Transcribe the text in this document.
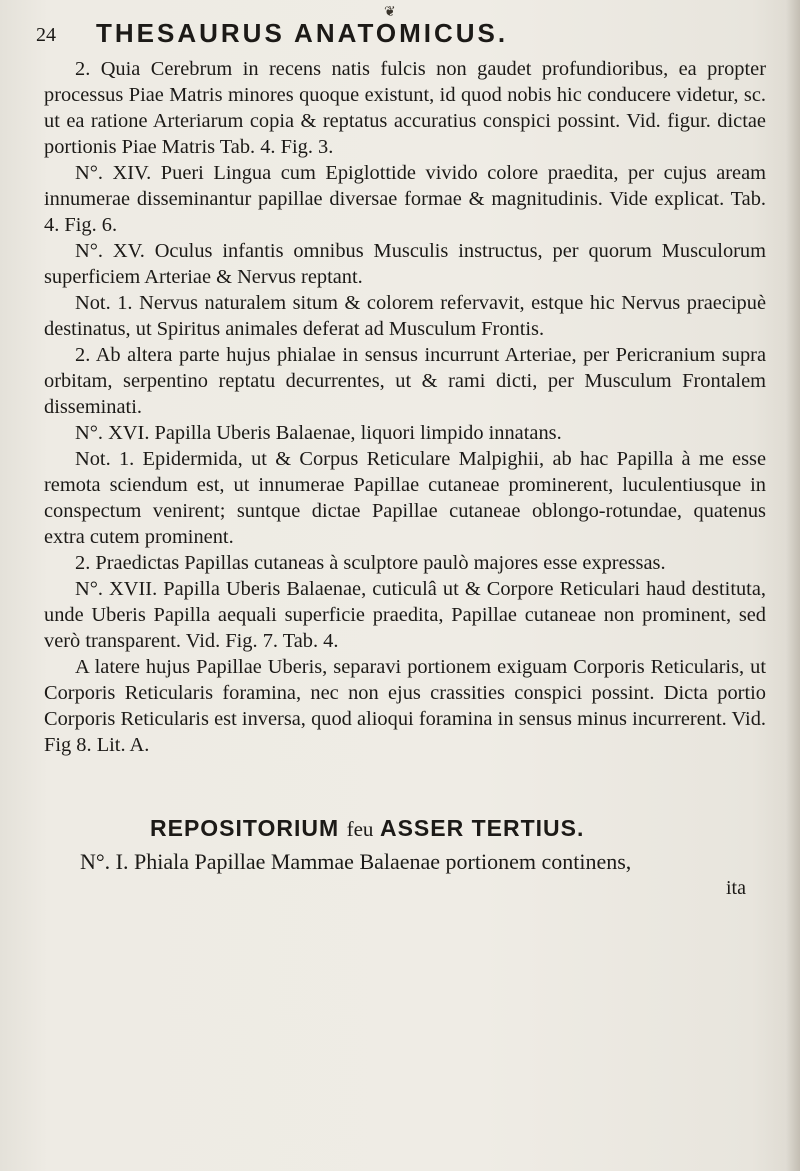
❦
24 THESAURUS ANATOMICUS.

2. Quia Cerebrum in recens natis fulcis non gaudet profundioribus, ea propter processus Piae Matris minores quoque existunt, id quod nobis hic conducere videtur, sc. ut ea ratione Arteriarum copia & reptatus accuratius conspici possint. Vid. figur. dictae portionis Piae Matris Tab. 4. Fig. 3.

N°. XIV. Pueri Lingua cum Epiglottide vivido colore praedita, per cujus aream innumerae disseminantur papillae diversae formae & magnitudinis. Vide explicat. Tab. 4. Fig. 6.

N°. XV. Oculus infantis omnibus Musculis instructus, per quorum Musculorum superficiem Arteriae & Nervus reptant.

Not. 1. Nervus naturalem situm & colorem refervavit, estque hic Nervus praecipuè destinatus, ut Spiritus animales deferat ad Musculum Frontis.

2. Ab altera parte hujus phialae in sensus incurrunt Arteriae, per Pericranium supra orbitam, serpentino reptatu decurrentes, ut & rami dicti, per Musculum Frontalem disseminati.

N°. XVI. Papilla Uberis Balaenae, liquori limpido innatans.

Not. 1. Epidermida, ut & Corpus Reticulare Malpighii, ab hac Papilla à me esse remota sciendum est, ut innumerae Papillae cutaneae prominerent, luculentiusque in conspectum venirent; suntque dictae Papillae cutaneae oblongo-rotundae, quatenus extra cutem prominent.

2. Praedictas Papillas cutaneas à sculptore paulò majores esse expressas.

N°. XVII. Papilla Uberis Balaenae, cuticulâ ut & Corpore Reticulari haud destituta, unde Uberis Papilla aequali superficie praedita, Papillae cutaneae non prominent, sed verò transparent. Vid. Fig. 7. Tab. 4.

A latere hujus Papillae Uberis, separavi portionem exiguam Corporis Reticularis, ut Corporis Reticularis foramina, nec non ejus crassities conspici possint. Dicta portio Corporis Reticularis est inversa, quod alioqui foramina in sensus minus incurrerent. Vid. Fig 8. Lit. A.

REPOSITORIUM feu ASSER TERTIUS.
N°. I. Phiala Papillae Mammae Balaenae portionem continens,
ita
